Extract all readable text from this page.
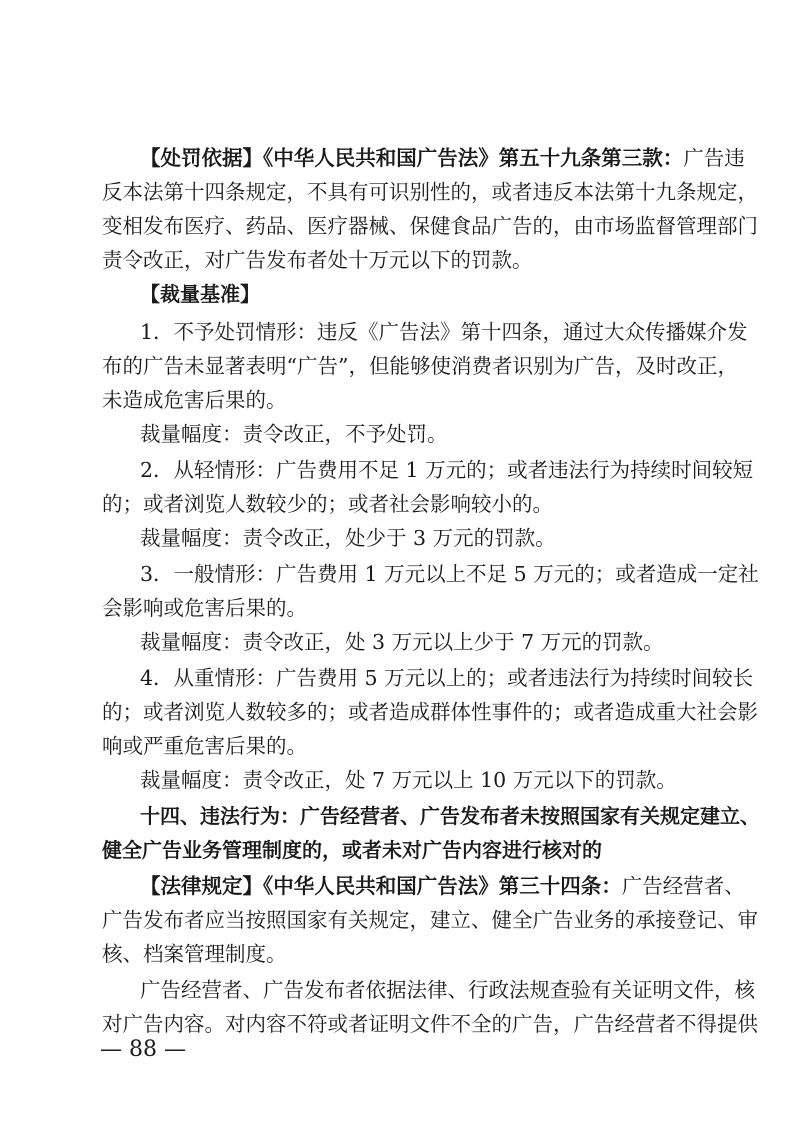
【处罚依据】《中华人民共和国广告法》第五十九条第三款：广告违
反本法第十四条规定，不具有可识别性的，或者违反本法第十九条规定，
变相发布医疗、药品、医疗器械、保健食品广告的，由市场监督管理部门
责令改正，对广告发布者处十万元以下的罚款。
【裁量基准】
1．不予处罚情形：违反《广告法》第十四条，通过大众传播媒介发
布的广告未显著表明“广告”，但能够使消费者识别为广告，及时改正，
未造成危害后果的。
裁量幅度：责令改正，不予处罚。
2．从轻情形：广告费用不足 1 万元的；或者违法行为持续时间较短
的；或者浏览人数较少的；或者社会影响较小的。
裁量幅度：责令改正，处少于 3 万元的罚款。
3．一般情形：广告费用 1 万元以上不足 5 万元的；或者造成一定社
会影响或危害后果的。
裁量幅度：责令改正，处 3 万元以上少于 7 万元的罚款。
4．从重情形：广告费用 5 万元以上的；或者违法行为持续时间较长
的；或者浏览人数较多的；或者造成群体性事件的；或者造成重大社会影
响或严重危害后果的。
裁量幅度：责令改正，处 7 万元以上 10 万元以下的罚款。
十四、违法行为：广告经营者、广告发布者未按照国家有关规定建立、
健全广告业务管理制度的，或者未对广告内容进行核对的
【法律规定】《中华人民共和国广告法》第三十四条：广告经营者、
广告发布者应当按照国家有关规定，建立、健全广告业务的承接登记、审
核、档案管理制度。
广告经营者、广告发布者依据法律、行政法规查验有关证明文件，核
对广告内容。对内容不符或者证明文件不全的广告，广告经营者不得提供
— 88 —
